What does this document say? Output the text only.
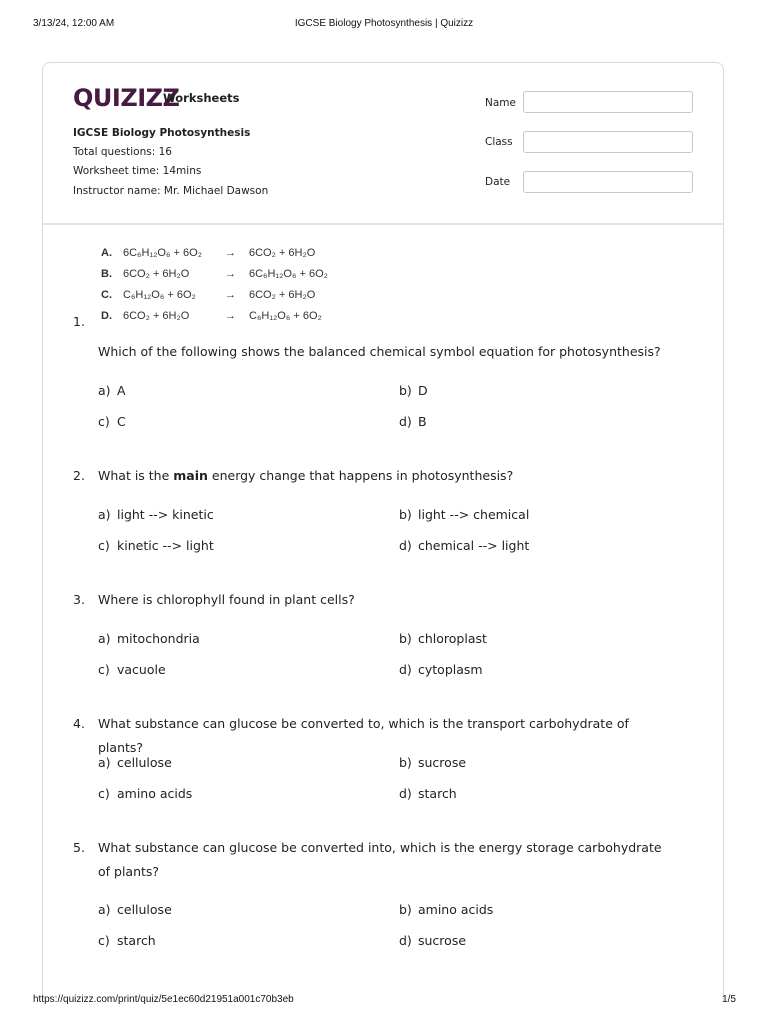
3/13/24, 12:00 AM	IGCSE Biology Photosynthesis | Quizizz
QUIZIZZ
Worksheets
IGCSE Biology Photosynthesis
Total questions: 16
Worksheet time: 14mins
Instructor name: Mr. Michael Dawson
Name
Class
Date
A. 6C₆H₁₂O₆ + 6O₂ → 6CO₂ + 6H₂O
B. 6CO₂ + 6H₂O	→ 6C₆H₁₂O₆ + 6O₂
C. C₆H₁₂O₆ + 6O₂	→ 6CO₂ + 6H₂O
D. 6CO₂ + 6H₂O	→ C₆H₁₂O₆ + 6O₂
1.
Which of the following shows the balanced chemical symbol equation for photosynthesis?
a) A	b) D
c) C	d) B
2. What is the main energy change that happens in photosynthesis?
a) light --> kinetic	b) light --> chemical
c) kinetic --> light	d) chemical --> light
3. Where is chlorophyll found in plant cells?
a) mitochondria	b) chloroplast
c) vacuole	d) cytoplasm
4. What substance can glucose be converted to, which is the transport carbohydrate of plants?
a) cellulose	b) sucrose
c) amino acids	d) starch
5. What substance can glucose be converted into, which is the energy storage carbohydrate of plants?
a) cellulose	b) amino acids
c) starch	d) sucrose
https://quizizz.com/print/quiz/5e1ec60d21951a001c70b3eb	1/5
